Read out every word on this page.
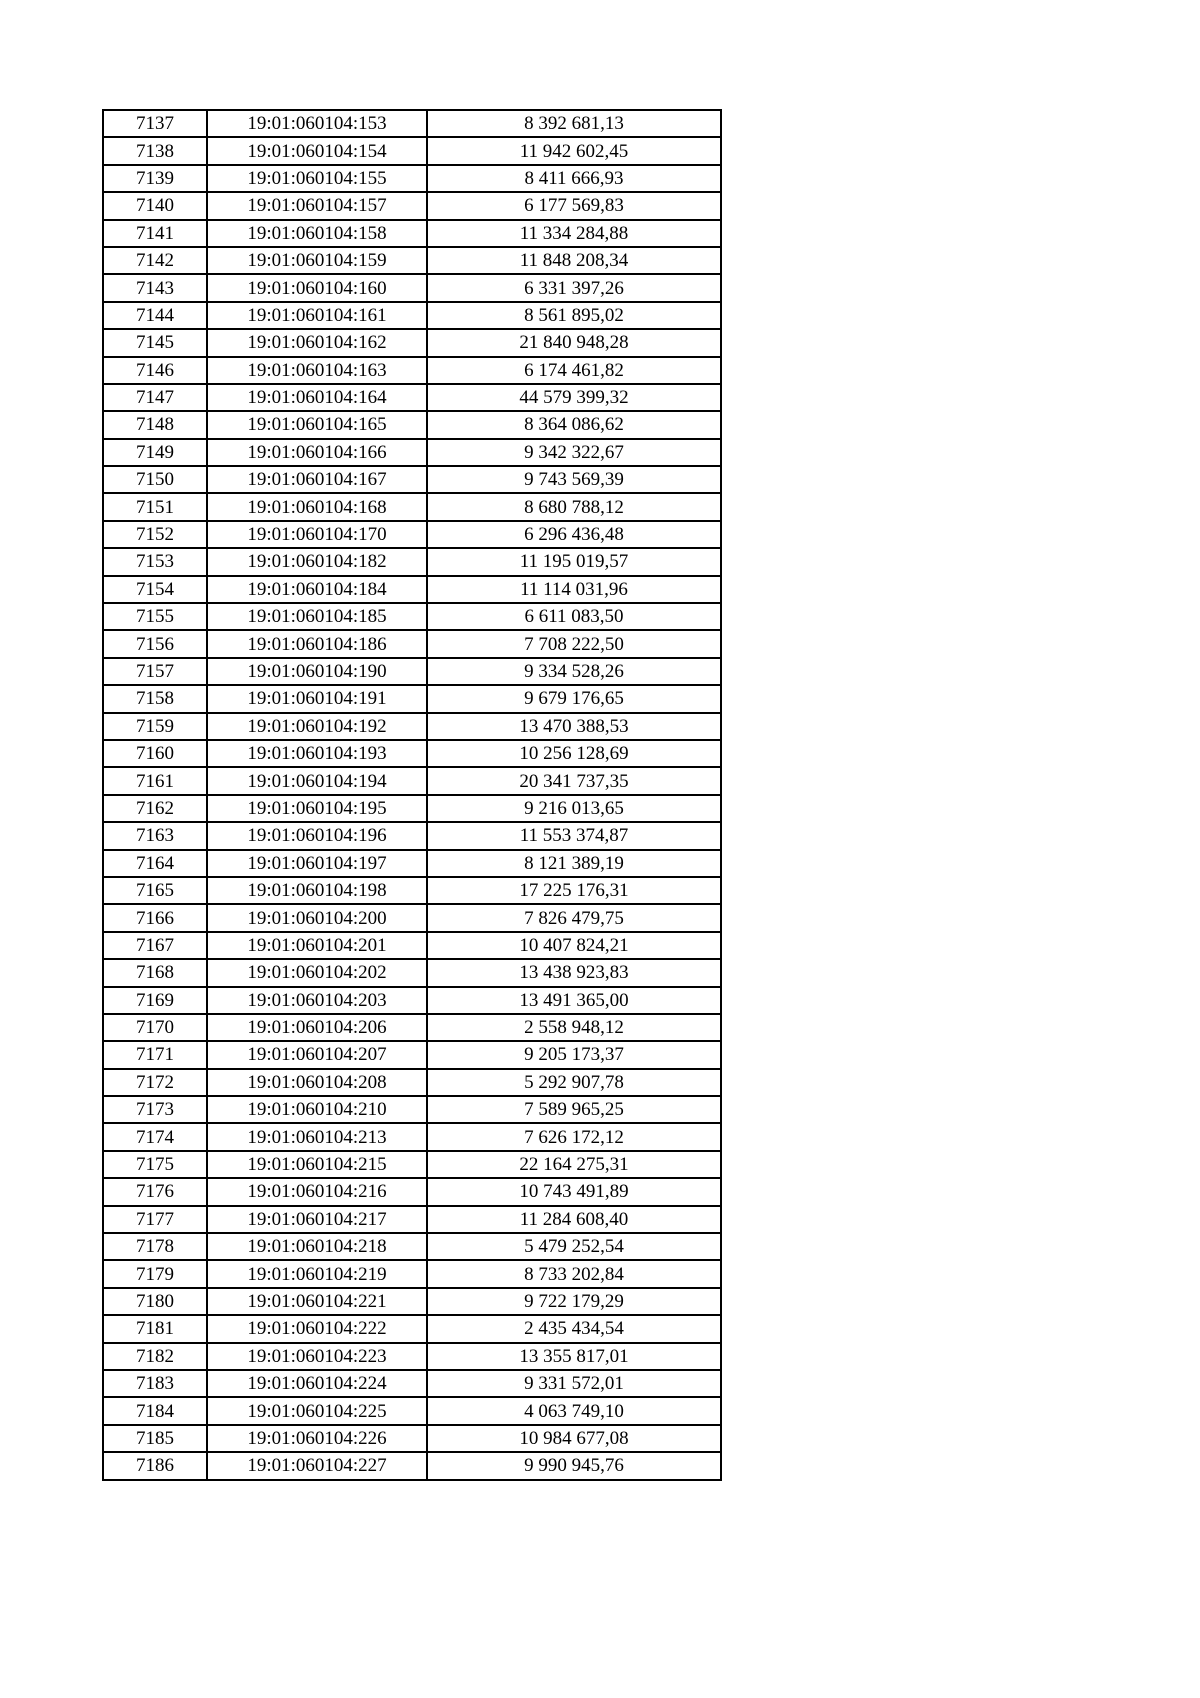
7137	19:01:060104:153	8 392 681,13
7138	19:01:060104:154	11 942 602,45
7139	19:01:060104:155	8 411 666,93
7140	19:01:060104:157	6 177 569,83
7141	19:01:060104:158	11 334 284,88
7142	19:01:060104:159	11 848 208,34
7143	19:01:060104:160	6 331 397,26
7144	19:01:060104:161	8 561 895,02
7145	19:01:060104:162	21 840 948,28
7146	19:01:060104:163	6 174 461,82
7147	19:01:060104:164	44 579 399,32
7148	19:01:060104:165	8 364 086,62
7149	19:01:060104:166	9 342 322,67
7150	19:01:060104:167	9 743 569,39
7151	19:01:060104:168	8 680 788,12
7152	19:01:060104:170	6 296 436,48
7153	19:01:060104:182	11 195 019,57
7154	19:01:060104:184	11 114 031,96
7155	19:01:060104:185	6 611 083,50
7156	19:01:060104:186	7 708 222,50
7157	19:01:060104:190	9 334 528,26
7158	19:01:060104:191	9 679 176,65
7159	19:01:060104:192	13 470 388,53
7160	19:01:060104:193	10 256 128,69
7161	19:01:060104:194	20 341 737,35
7162	19:01:060104:195	9 216 013,65
7163	19:01:060104:196	11 553 374,87
7164	19:01:060104:197	8 121 389,19
7165	19:01:060104:198	17 225 176,31
7166	19:01:060104:200	7 826 479,75
7167	19:01:060104:201	10 407 824,21
7168	19:01:060104:202	13 438 923,83
7169	19:01:060104:203	13 491 365,00
7170	19:01:060104:206	2 558 948,12
7171	19:01:060104:207	9 205 173,37
7172	19:01:060104:208	5 292 907,78
7173	19:01:060104:210	7 589 965,25
7174	19:01:060104:213	7 626 172,12
7175	19:01:060104:215	22 164 275,31
7176	19:01:060104:216	10 743 491,89
7177	19:01:060104:217	11 284 608,40
7178	19:01:060104:218	5 479 252,54
7179	19:01:060104:219	8 733 202,84
7180	19:01:060104:221	9 722 179,29
7181	19:01:060104:222	2 435 434,54
7182	19:01:060104:223	13 355 817,01
7183	19:01:060104:224	9 331 572,01
7184	19:01:060104:225	4 063 749,10
7185	19:01:060104:226	10 984 677,08
7186	19:01:060104:227	9 990 945,76
